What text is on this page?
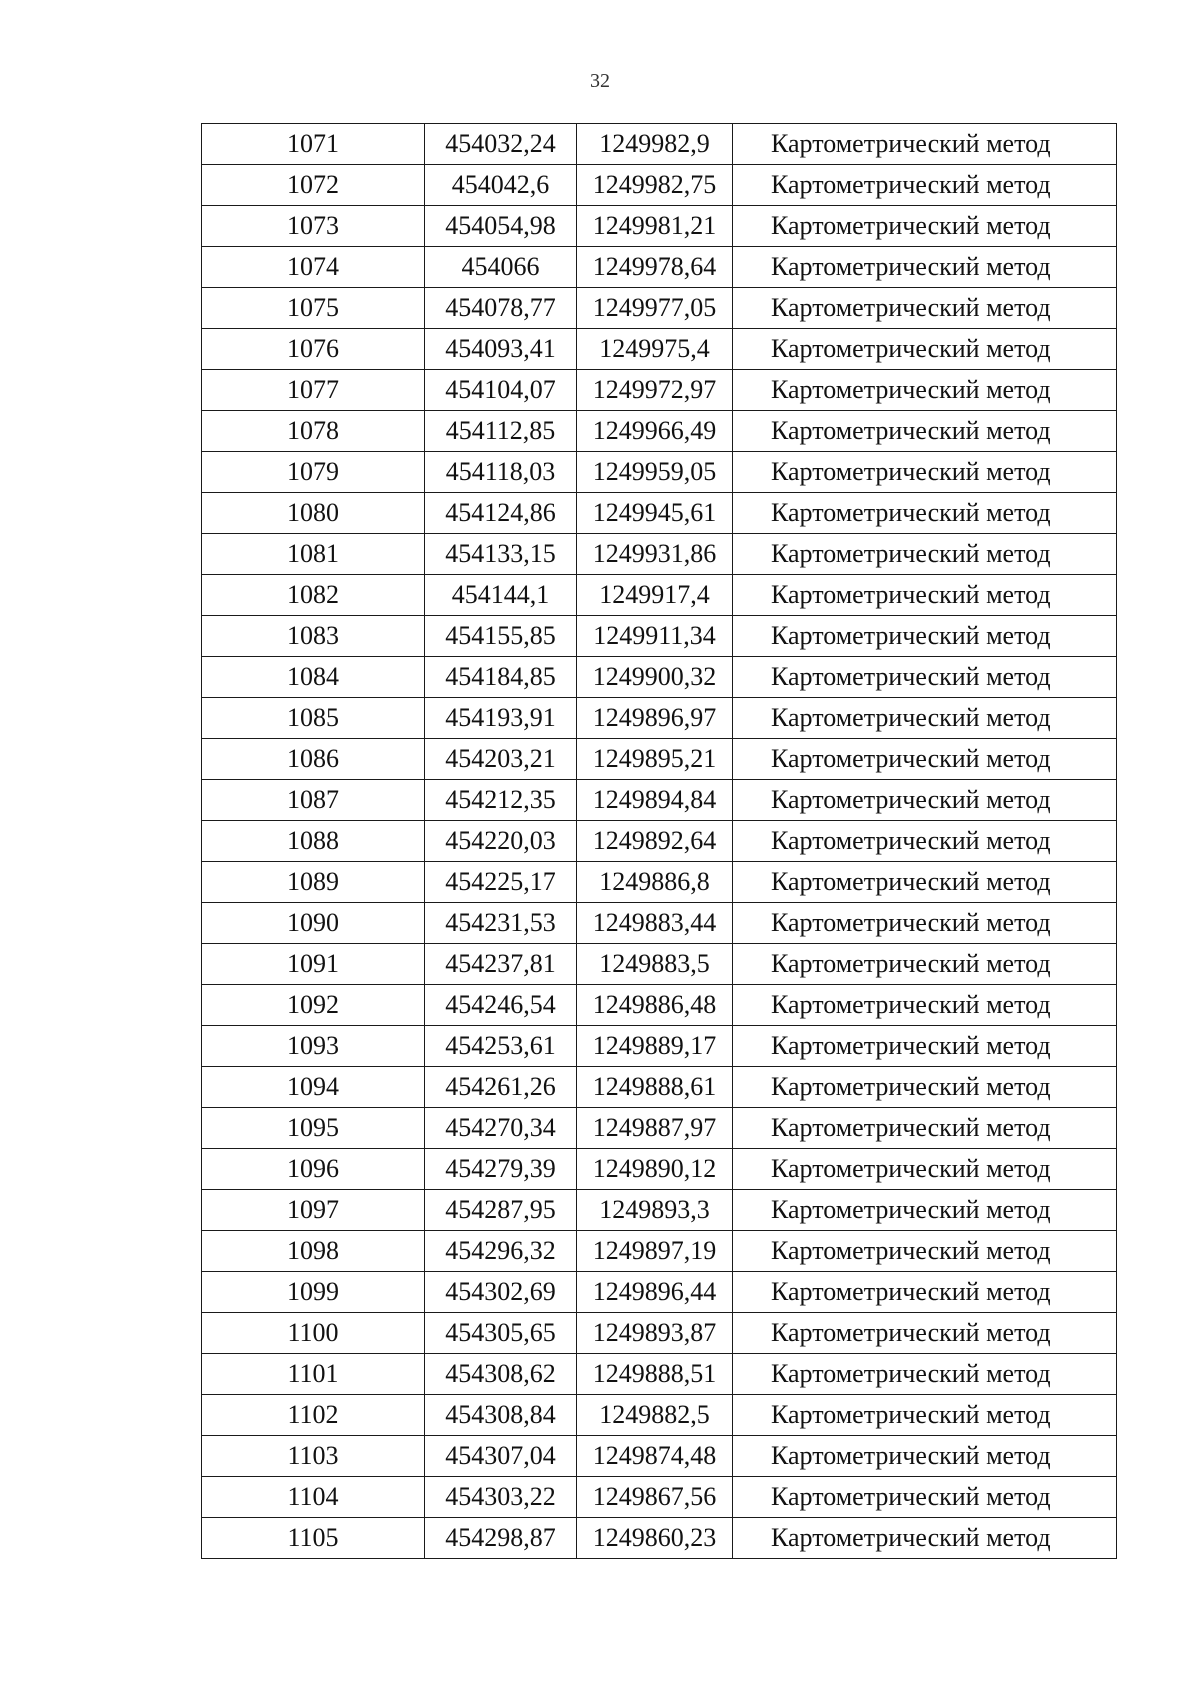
32
1071	454032,24	1249982,9	Картометрический метод
1072	454042,6	1249982,75	Картометрический метод
1073	454054,98	1249981,21	Картометрический метод
1074	454066	1249978,64	Картометрический метод
1075	454078,77	1249977,05	Картометрический метод
1076	454093,41	1249975,4	Картометрический метод
1077	454104,07	1249972,97	Картометрический метод
1078	454112,85	1249966,49	Картометрический метод
1079	454118,03	1249959,05	Картометрический метод
1080	454124,86	1249945,61	Картометрический метод
1081	454133,15	1249931,86	Картометрический метод
1082	454144,1	1249917,4	Картометрический метод
1083	454155,85	1249911,34	Картометрический метод
1084	454184,85	1249900,32	Картометрический метод
1085	454193,91	1249896,97	Картометрический метод
1086	454203,21	1249895,21	Картометрический метод
1087	454212,35	1249894,84	Картометрический метод
1088	454220,03	1249892,64	Картометрический метод
1089	454225,17	1249886,8	Картометрический метод
1090	454231,53	1249883,44	Картометрический метод
1091	454237,81	1249883,5	Картометрический метод
1092	454246,54	1249886,48	Картометрический метод
1093	454253,61	1249889,17	Картометрический метод
1094	454261,26	1249888,61	Картометрический метод
1095	454270,34	1249887,97	Картометрический метод
1096	454279,39	1249890,12	Картометрический метод
1097	454287,95	1249893,3	Картометрический метод
1098	454296,32	1249897,19	Картометрический метод
1099	454302,69	1249896,44	Картометрический метод
1100	454305,65	1249893,87	Картометрический метод
1101	454308,62	1249888,51	Картометрический метод
1102	454308,84	1249882,5	Картометрический метод
1103	454307,04	1249874,48	Картометрический метод
1104	454303,22	1249867,56	Картометрический метод
1105	454298,87	1249860,23	Картометрический метод
